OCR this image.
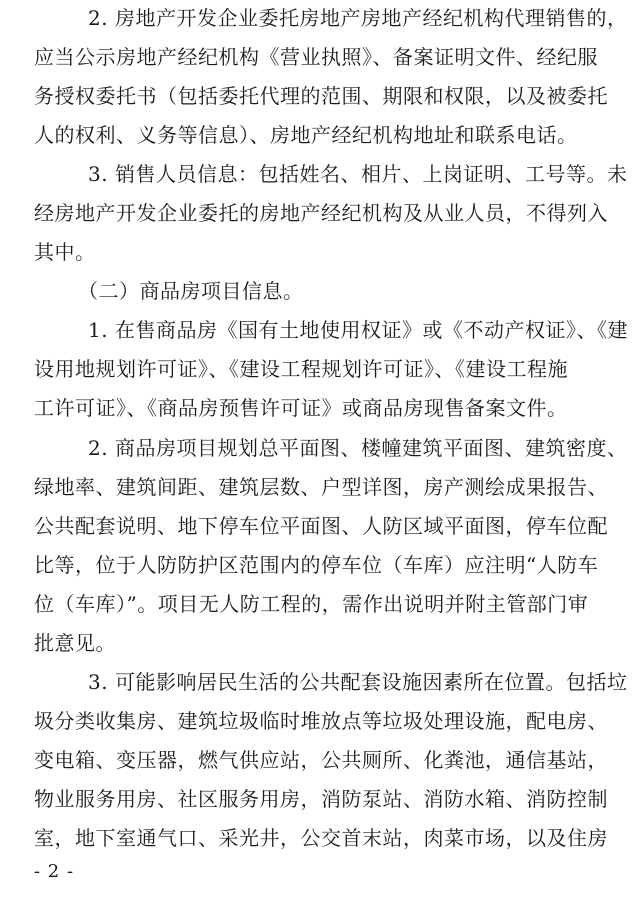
2. 房地产开发企业委托房地产房地产经纪机构代理销售的，
应当公示房地产经纪机构《营业执照》、备案证明文件、经纪服
务授权委托书（包括委托代理的范围、期限和权限，以及被委托
人的权利、义务等信息）、房地产经纪机构地址和联系电话。
3. 销售人员信息：包括姓名、相片、上岗证明、工号等。未
经房地产开发企业委托的房地产经纪机构及从业人员，不得列入
其中。
（二）商品房项目信息。
1. 在售商品房《国有土地使用权证》或《不动产权证》、《建
设用地规划许可证》、《建设工程规划许可证》、《建设工程施
工许可证》、《商品房预售许可证》或商品房现售备案文件。
2. 商品房项目规划总平面图、楼幢建筑平面图、建筑密度、
绿地率、建筑间距、建筑层数、户型详图，房产测绘成果报告、
公共配套说明、地下停车位平面图、人防区域平面图，停车位配
比等，位于人防防护区范围内的停车位（车库）应注明“人防车
位（车库）”。项目无人防工程的，需作出说明并附主管部门审
批意见。
3. 可能影响居民生活的公共配套设施因素所在位置。包括垃
圾分类收集房、建筑垃圾临时堆放点等垃圾处理设施，配电房、
变电箱、变压器，燃气供应站，公共厕所、化粪池，通信基站，
物业服务用房、社区服务用房，消防泵站、消防水箱、消防控制
室，地下室通气口、采光井，公交首末站，肉菜市场，以及住房
- 2 -
